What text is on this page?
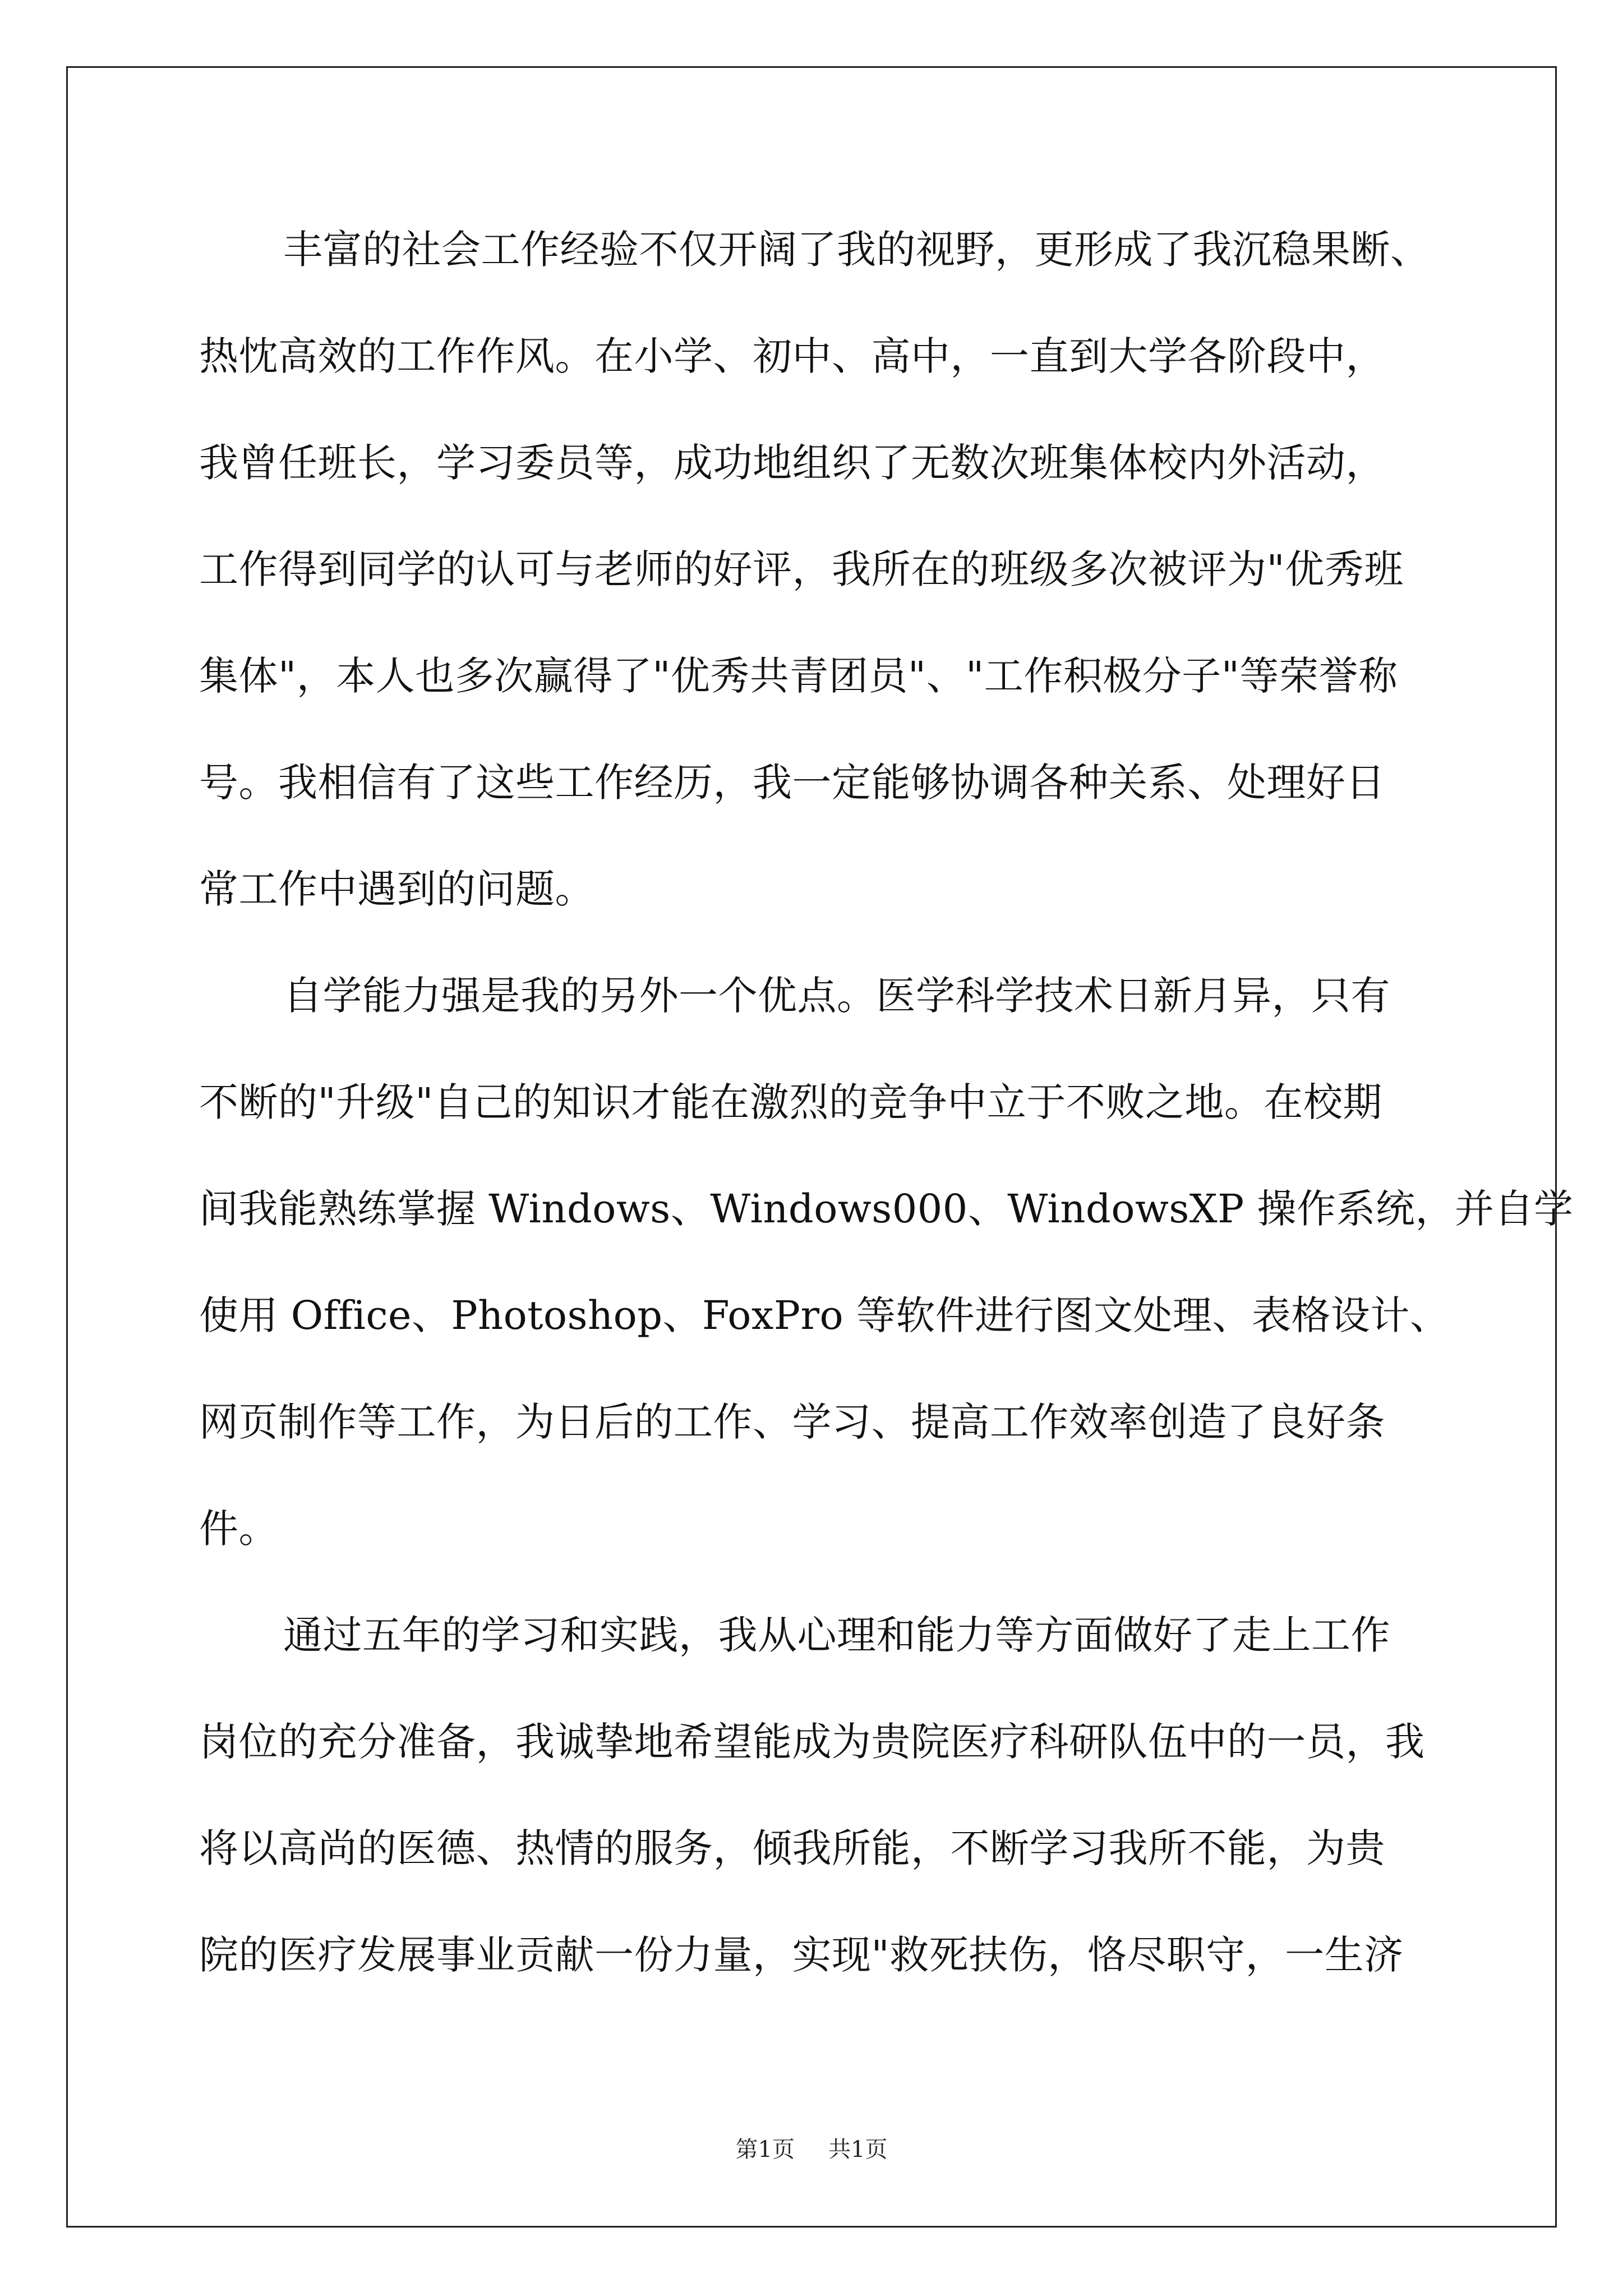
丰富的社会工作经验不仅开阔了我的视野，更形成了我沉稳果断、
热忱高效的工作作风。在小学、初中、高中，一直到大学各阶段中，
我曾任班长，学习委员等，成功地组织了无数次班集体校内外活动，
工作得到同学的认可与老师的好评，我所在的班级多次被评为"优秀班
集体"，本人也多次赢得了"优秀共青团员"、"工作积极分子"等荣誉称
号。我相信有了这些工作经历，我一定能够协调各种关系、处理好日
常工作中遇到的问题。
自学能力强是我的另外一个优点。医学科学技术日新月异，只有
不断的"升级"自己的知识才能在激烈的竞争中立于不败之地。在校期
间我能熟练掌握 Windows、Windows000、WindowsXP 操作系统，并自学
使用 Office、Photoshop、FoxPro 等软件进行图文处理、表格设计、
网页制作等工作，为日后的工作、学习、提高工作效率创造了良好条
件。
通过五年的学习和实践，我从心理和能力等方面做好了走上工作
岗位的充分准备，我诚挚地希望能成为贵院医疗科研队伍中的一员，我
将以高尚的医德、热情的服务，倾我所能，不断学习我所不能，为贵
院的医疗发展事业贡献一份力量，实现"救死扶伤，恪尽职守，一生济
第1页 共1页
